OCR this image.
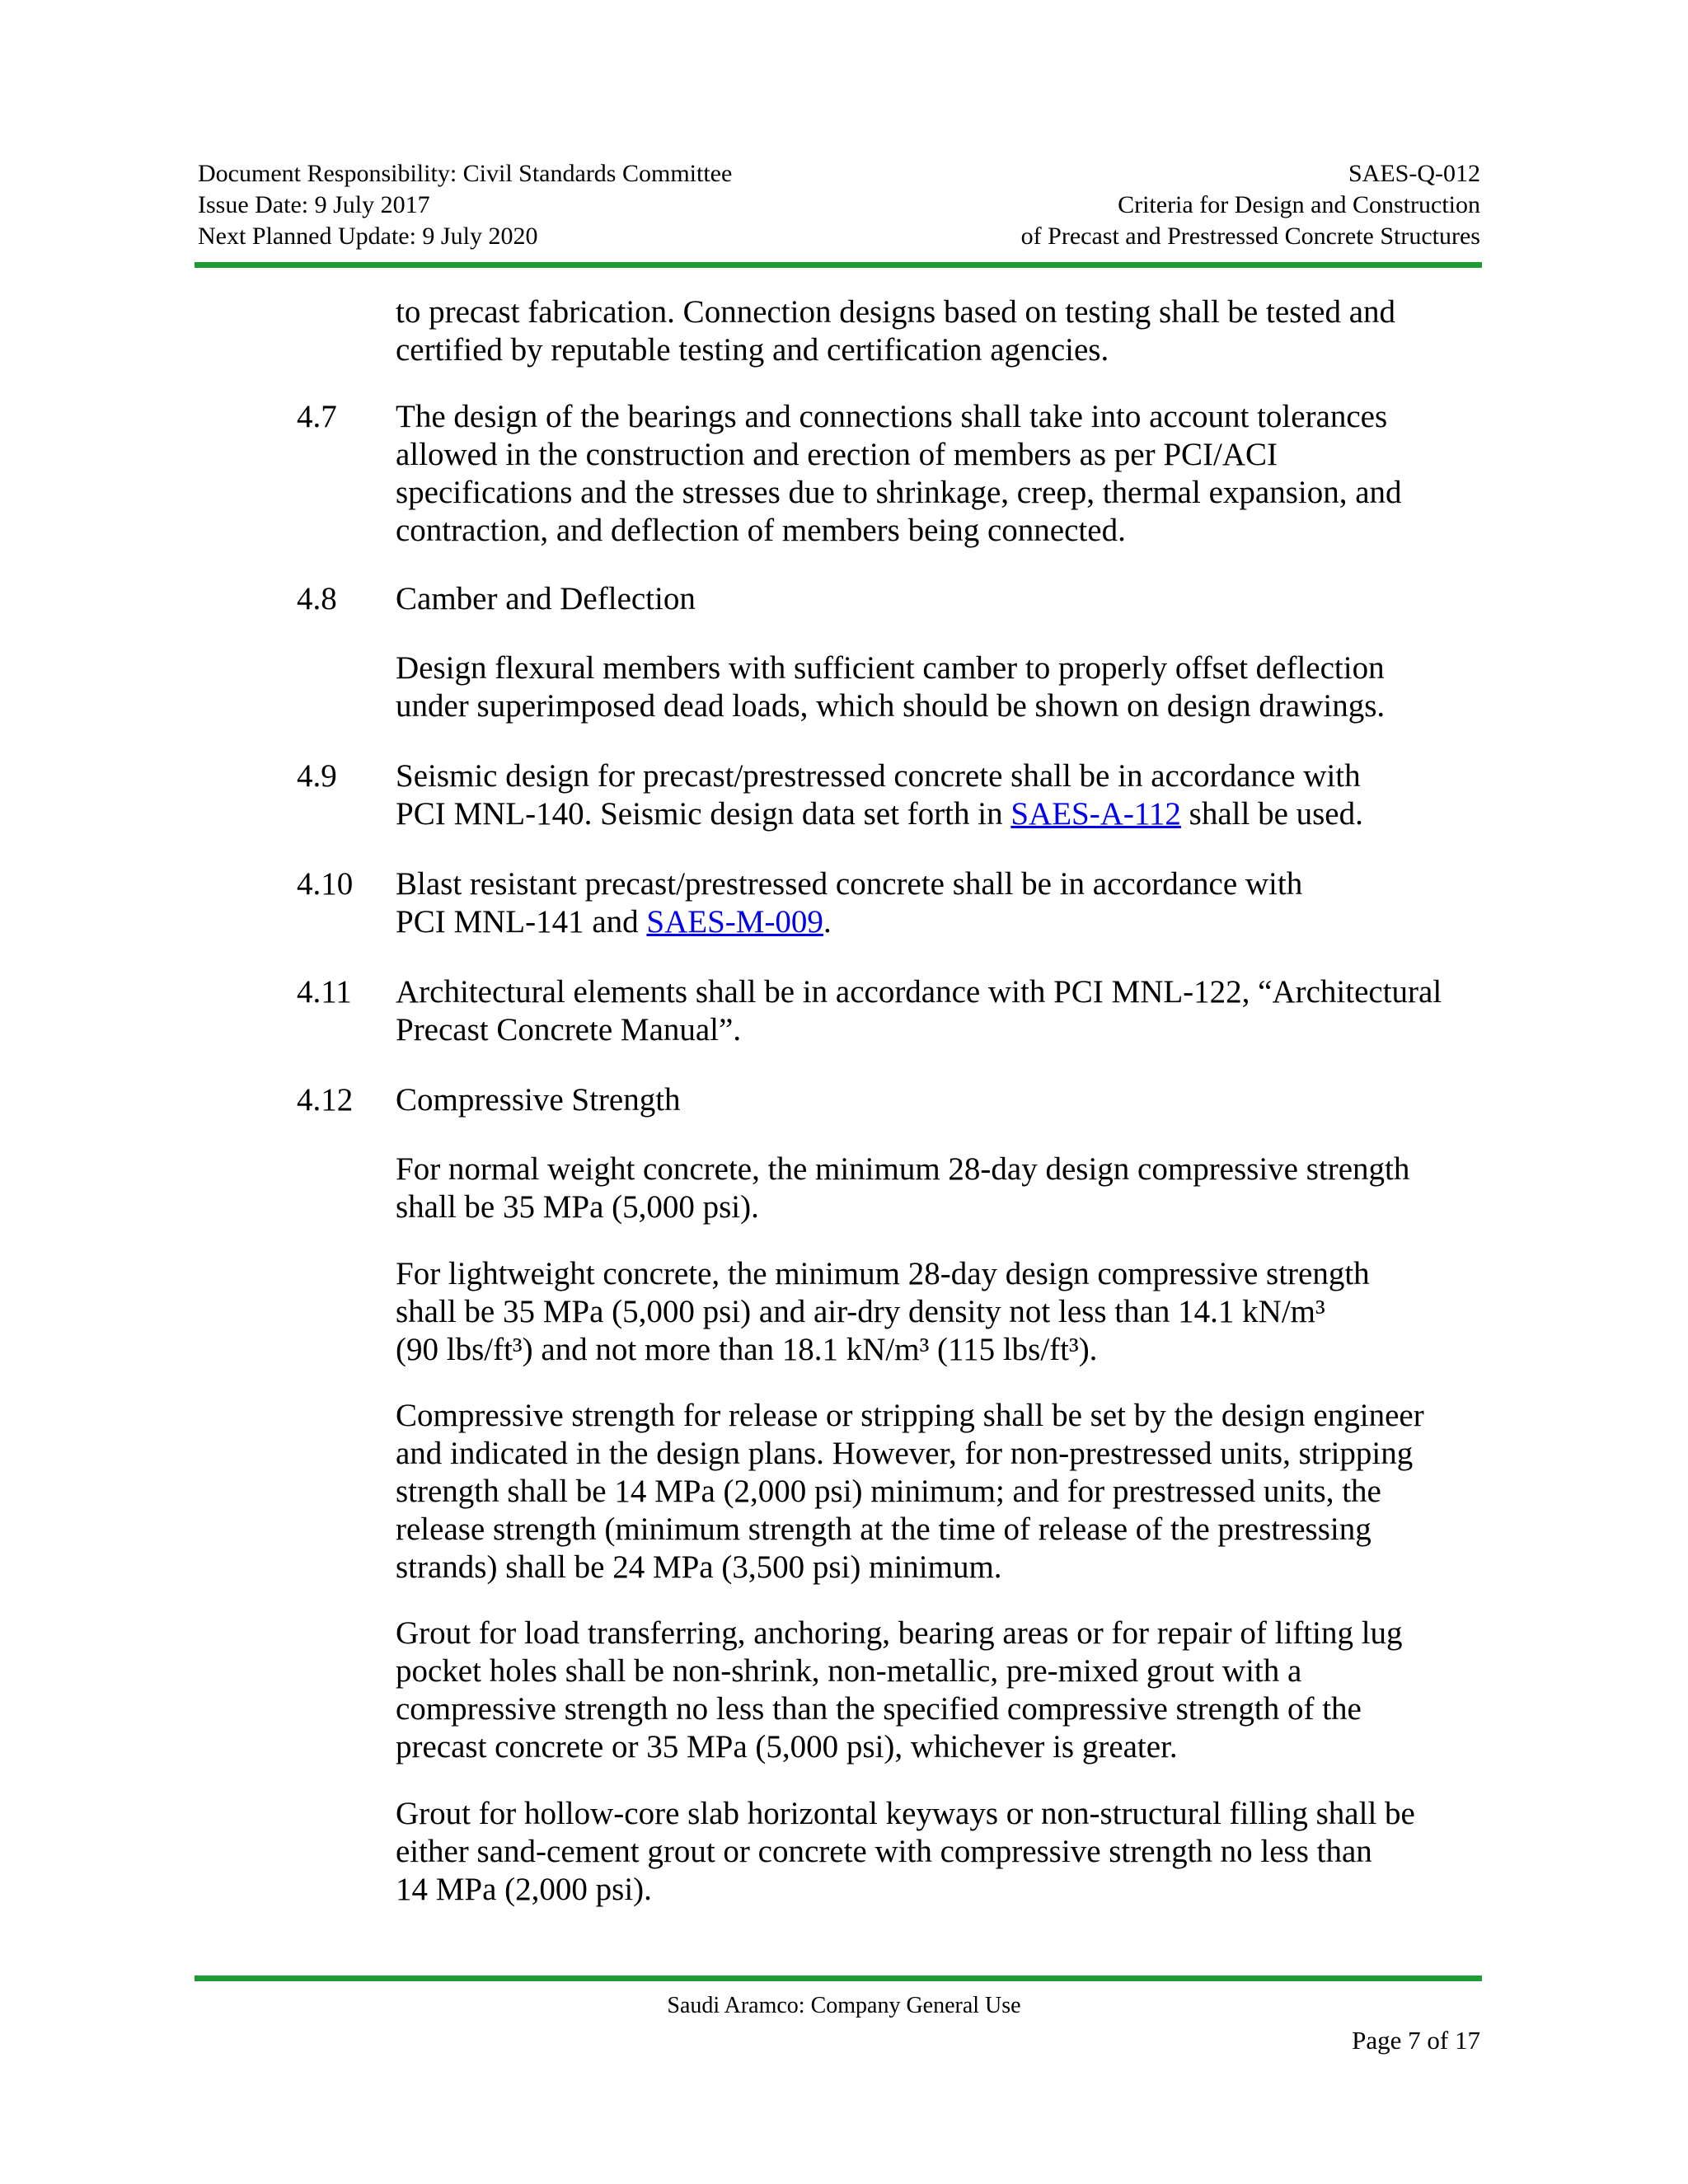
Document Responsibility: Civil Standards Committee	SAES-Q-012
Issue Date: 9 July 2017	Criteria for Design and Construction
Next Planned Update: 9 July 2020	of Precast and Prestressed Concrete Structures
to precast fabrication. Connection designs based on testing shall be tested and
certified by reputable testing and certification agencies.
4.7	The design of the bearings and connections shall take into account tolerances
allowed in the construction and erection of members as per PCI/ACI
specifications and the stresses due to shrinkage, creep, thermal expansion, and
contraction, and deflection of members being connected.
4.8	Camber and Deflection
Design flexural members with sufficient camber to properly offset deflection
under superimposed dead loads, which should be shown on design drawings.
4.9	Seismic design for precast/prestressed concrete shall be in accordance with
PCI MNL-140. Seismic design data set forth in SAES-A-112 shall be used.
4.10	Blast resistant precast/prestressed concrete shall be in accordance with
PCI MNL-141 and SAES-M-009.
4.11	Architectural elements shall be in accordance with PCI MNL-122, “Architectural
Precast Concrete Manual”.
4.12	Compressive Strength
For normal weight concrete, the minimum 28-day design compressive strength
shall be 35 MPa (5,000 psi).
For lightweight concrete, the minimum 28-day design compressive strength
shall be 35 MPa (5,000 psi) and air-dry density not less than 14.1 kN/m³
(90 lbs/ft³) and not more than 18.1 kN/m³ (115 lbs/ft³).
Compressive strength for release or stripping shall be set by the design engineer
and indicated in the design plans. However, for non-prestressed units, stripping
strength shall be 14 MPa (2,000 psi) minimum; and for prestressed units, the
release strength (minimum strength at the time of release of the prestressing
strands) shall be 24 MPa (3,500 psi) minimum.
Grout for load transferring, anchoring, bearing areas or for repair of lifting lug
pocket holes shall be non-shrink, non-metallic, pre-mixed grout with a
compressive strength no less than the specified compressive strength of the
precast concrete or 35 MPa (5,000 psi), whichever is greater.
Grout for hollow-core slab horizontal keyways or non-structural filling shall be
either sand-cement grout or concrete with compressive strength no less than
14 MPa (2,000 psi).
Saudi Aramco: Company General Use
Page 7 of 17
